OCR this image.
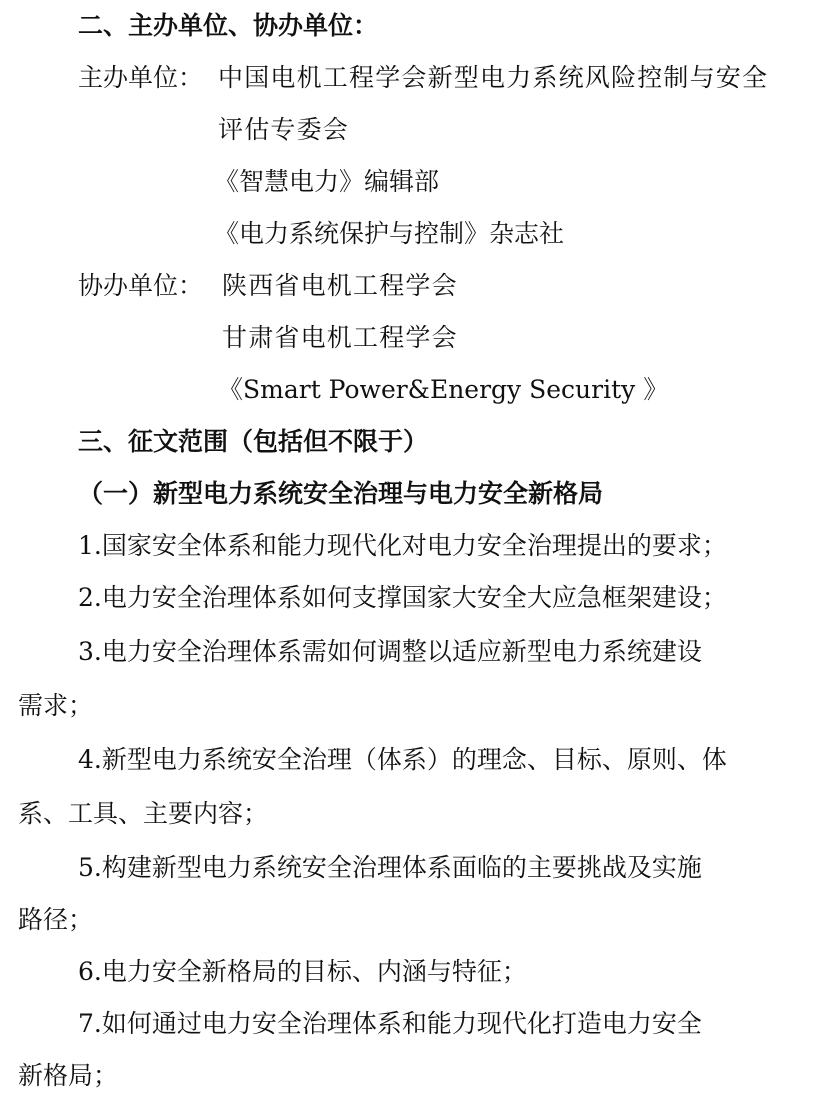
二、主办单位、协办单位：
主办单位： 中国电机工程学会新型电力系统风险控制与安全
评估专委会
《智慧电力》编辑部
《电力系统保护与控制》杂志社
协办单位： 陕西省电机工程学会
甘肃省电机工程学会
《Smart Power&Energy Security 》
三、征文范围（包括但不限于）
（一）新型电力系统安全治理与电力安全新格局
1.国家安全体系和能力现代化对电力安全治理提出的要求；
2.电力安全治理体系如何支撑国家大安全大应急框架建设；
3.电力安全治理体系需如何调整以适应新型电力系统建设
需求；
4.新型电力系统安全治理（体系）的理念、目标、原则、体
系、工具、主要内容；
5.构建新型电力系统安全治理体系面临的主要挑战及实施
路径；
6.电力安全新格局的目标、内涵与特征；
7.如何通过电力安全治理体系和能力现代化打造电力安全
新格局；
